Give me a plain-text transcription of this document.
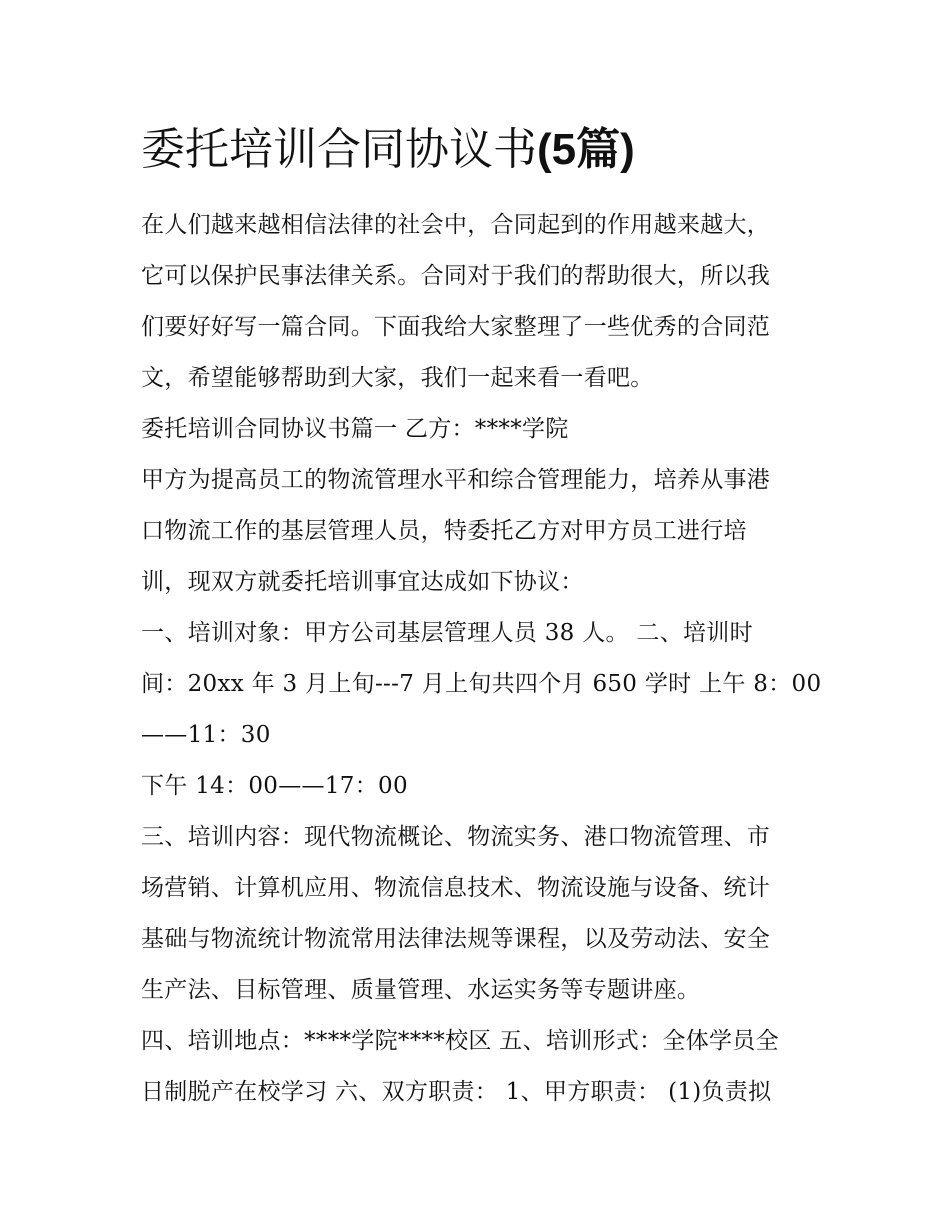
委托培训合同协议书(5篇)
在人们越来越相信法律的社会中，合同起到的作用越来越大，
它可以保护民事法律关系。合同对于我们的帮助很大，所以我
们要好好写一篇合同。下面我给大家整理了一些优秀的合同范
文，希望能够帮助到大家，我们一起来看一看吧。
委托培训合同协议书篇一 乙方：****学院
甲方为提高员工的物流管理水平和综合管理能力，培养从事港
口物流工作的基层管理人员，特委托乙方对甲方员工进行培
训，现双方就委托培训事宜达成如下协议：
一、培训对象：甲方公司基层管理人员 38 人。 二、培训时
间：20xx 年 3 月上旬---7 月上旬共四个月 650 学时 上午 8：00
——11：30
下午 14：00——17：00
三、培训内容：现代物流概论、物流实务、港口物流管理、市
场营销、计算机应用、物流信息技术、物流设施与设备、统计
基础与物流统计物流常用法律法规等课程，以及劳动法、安全
生产法、目标管理、质量管理、水运实务等专题讲座。
四、培训地点：****学院****校区 五、培训形式：全体学员全
日制脱产在校学习 六、双方职责： 1、甲方职责： (1)负责拟
